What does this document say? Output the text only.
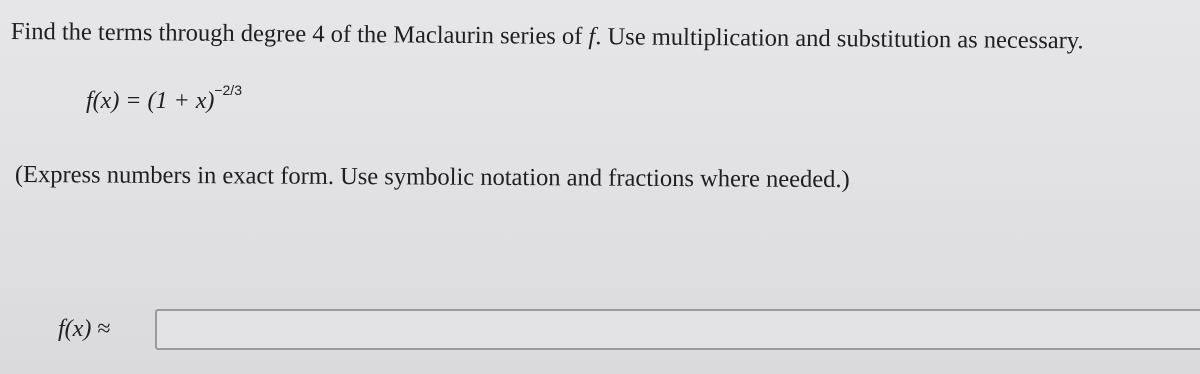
Find the terms through degree 4 of the Maclaurin series of f. Use multiplication and substitution as necessary.
$f(x) = (1 + x)^{-2/3}$
(Express numbers in exact form. Use symbolic notation and fractions where needed.)
f(x) ≈
